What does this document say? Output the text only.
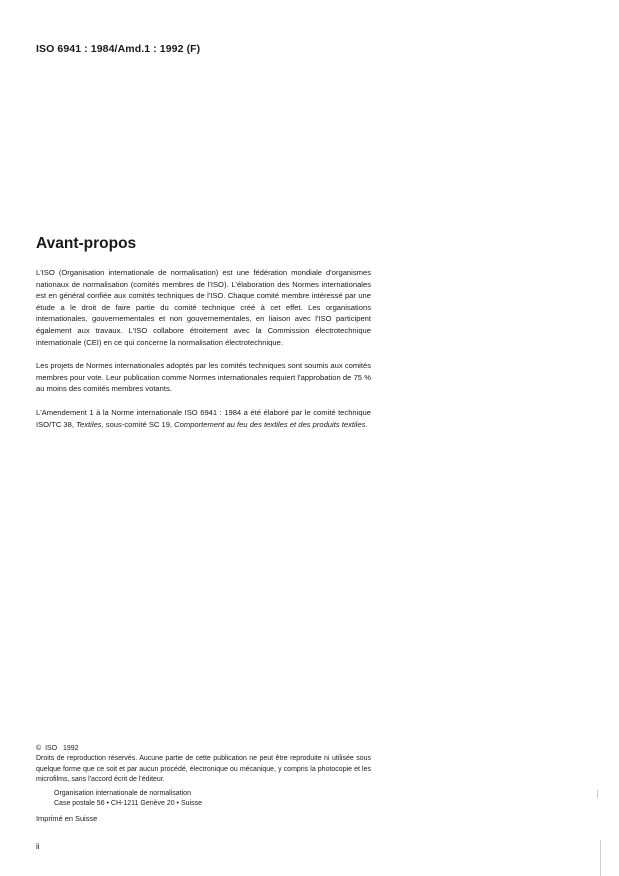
ISO 6941 : 1984/Amd.1 : 1992 (F)
Avant-propos

L'ISO (Organisation internationale de normalisation) est une fédération mondiale d'organismes nationaux de normalisation (comités membres de l'ISO). L'élaboration des Normes internationales est en général confiée aux comités techniques de l'ISO. Chaque comité membre intéressé par une étude a le droit de faire partie du comité technique créé à cet effet. Les organisations internationales, gouvernementales et non gouvernementales, en liaison avec l'ISO participent également aux travaux. L'ISO collabore étroitement avec la Commission électrotechnique internationale (CEI) en ce qui concerne la normalisation électrotechnique.

Les projets de Normes internationales adoptés par les comités techniques sont soumis aux comités membres pour vote. Leur publication comme Normes internationales requiert l'approbation de 75 % au moins des comités membres votants.

L'Amendement 1 à la Norme internationale ISO 6941 : 1984 a été élaboré par le comité technique ISO/TC 38, Textiles, sous-comité SC 19, Comportement au feu des textiles et des produits textiles.

© ISO 1992

Droits de reproduction réservés. Aucune partie de cette publication ne peut être reproduite ni utilisée sous quelque forme que ce soit et par aucun procédé, électronique ou mécanique, y compris la photocopie et les microfilms, sans l'accord écrit de l'éditeur.

Organisation internationale de normalisation
Case postale 56 • CH-1211 Genève 20 • Suisse
Imprimé en Suisse
ii
